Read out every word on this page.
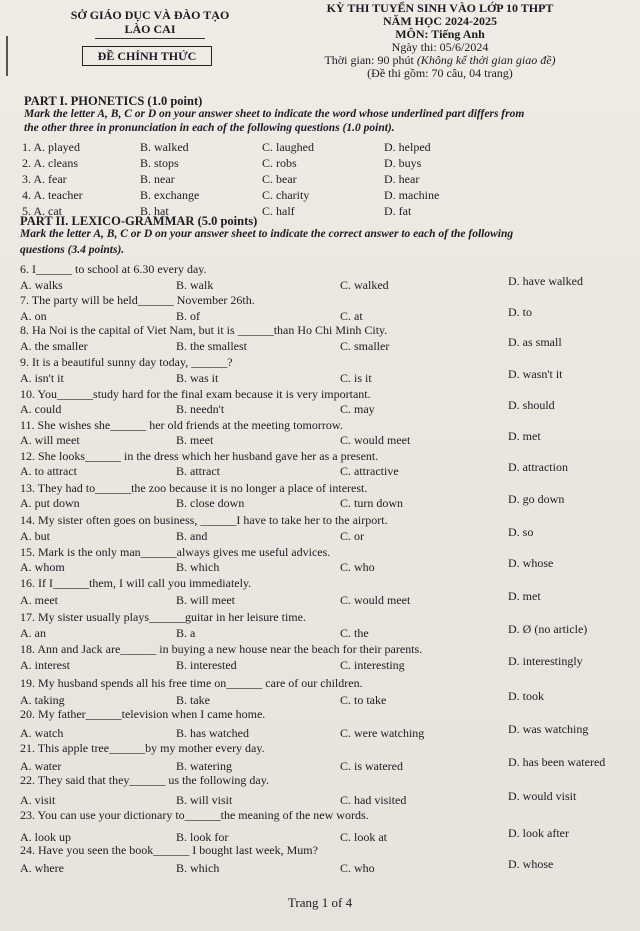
SỞ GIÁO DỤC VÀ ĐÀO TẠO
LÀO CAI
ĐỀ CHÍNH THỨC
KỲ THI TUYỂN SINH VÀO LỚP 10 THPT
NĂM HỌC 2024-2025
MÔN: Tiếng Anh
Ngày thi: 05/6/2024
Thời gian: 90 phút (Không kể thời gian giao đề)
(Đề thi gồm: 70 câu, 04 trang)
PART I. PHONETICS (1.0 point)
Mark the letter A, B, C or D on your answer sheet to indicate the word whose underlined part differs from
the other three in pronunciation in each of the following questions (1.0 point).
1. A. played	B. walked	C. laughed	D. helped
2. A. cleans	B. stops	C. robs	D. buys
3. A. fear	B. near	C. bear	D. hear
4. A. teacher	B. exchange	C. charity	D. machine
5. A. cat	B. hat	C. half	D. fat
PART II. LEXICO-GRAMMAR (5.0 points)
Mark the letter A, B, C or D on your answer sheet to indicate the correct answer to each of the following
questions (3.4 points).
6. I______ to school at 6.30 every day.
A. walks	B. walk	C. walked	D. have walked
7. The party will be held______ November 26th.
A. on	B. of	C. at	D. to
8. Ha Noi is the capital of Viet Nam, but it is ______than Ho Chi Minh City.
A. the smaller	B. the smallest	C. smaller	D. as small
9. It is a beautiful sunny day today, ______?
A. isn't it	B. was it	C. is it	D. wasn't it
10. You______study hard for the final exam because it is very important.
A. could	B. needn't	C. may	D. should
11. She wishes she______ her old friends at the meeting tomorrow.
A. will meet	B. meet	C. would meet	D. met
12. She looks______ in the dress which her husband gave her as a present.
A. to attract	B. attract	C. attractive	D. attraction
13. They had to______the zoo because it is no longer a place of interest.
A. put down	B. close down	C. turn down	D. go down
14. My sister often goes on business, ______I have to take her to the airport.
A. but	B. and	C. or	D. so
15. Mark is the only man______always gives me useful advices.
A. whom	B. which	C. who	D. whose
16. If I______them, I will call you immediately.
A. meet	B. will meet	C. would meet	D. met
17. My sister usually plays______guitar in her leisure time.
A. an	B. a	C. the	D. Ø (no article)
18. Ann and Jack are______ in buying a new house near the beach for their parents.
A. interest	B. interested	C. interesting	D. interestingly
19. My husband spends all his free time on______ care of our children.
A. taking	B. take	C. to take	D. took
20. My father______television when I came home.
A. watch	B. has watched	C. were watching	D. was watching
21. This apple tree______by my mother every day.
A. water	B. watering	C. is watered	D. has been watered
22. They said that they______ us the following day.
A. visit	B. will visit	C. had visited	D. would visit
23. You can use your dictionary to______the meaning of the new words.
A. look up	B. look for	C. look at	D. look after
24. Have you seen the book______ I bought last week, Mum?
A. where	B. which	C. who	D. whose
Trang 1 of 4
